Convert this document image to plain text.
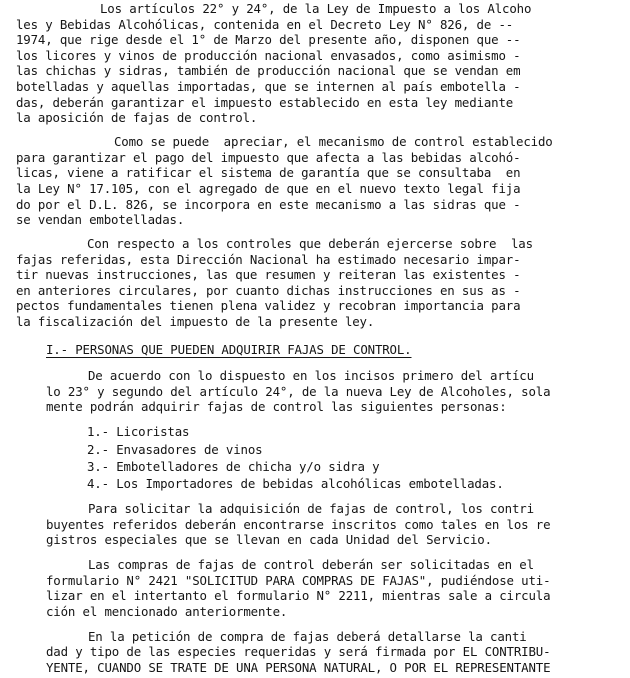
Los artículos 22° y 24°, de la Ley de Impuesto a los Alcoho
les y Bebidas Alcohólicas, contenida en el Decreto Ley N° 826, de --
1974, que rige desde el 1° de Marzo del presente año, disponen que --
los licores y vinos de producción nacional envasados, como asimismo -
las chichas y sidras, también de producción nacional que se vendan em
botelladas y aquellas importadas, que se internen al país embotella -
das, deberán garantizar el impuesto establecido en esta ley mediante
la aposición de fajas de control.
Como se puede  apreciar, el mecanismo de control establecido
para garantizar el pago del impuesto que afecta a las bebidas alcohó-
licas, viene a ratificar el sistema de garantía que se consultaba  en
la Ley N° 17.105, con el agregado de que en el nuevo texto legal fija
do por el D.L. 826, se incorpora en este mecanismo a las sidras que -
se vendan embotelladas.
Con respecto a los controles que deberán ejercerse sobre  las
fajas referidas, esta Dirección Nacional ha estimado necesario impar-
tir nuevas instrucciones, las que resumen y reiteran las existentes -
en anteriores circulares, por cuanto dichas instrucciones en sus as -
pectos fundamentales tienen plena validez y recobran importancia para
la fiscalización del impuesto de la presente ley.
I.- PERSONAS QUE PUEDEN ADQUIRIR FAJAS DE CONTROL.
De acuerdo con lo dispuesto en los incisos primero del artícu
lo 23° y segundo del artículo 24°, de la nueva Ley de Alcoholes, sola
mente podrán adquirir fajas de control las siguientes personas:
1.- Licoristas
2.- Envasadores de vinos
3.- Embotelladores de chicha y/o sidra y
4.- Los Importadores de bebidas alcohólicas embotelladas.
Para solicitar la adquisición de fajas de control, los contri
buyentes referidos deberán encontrarse inscritos como tales en los re
gistros especiales que se llevan en cada Unidad del Servicio.
Las compras de fajas de control deberán ser solicitadas en el
formulario N° 2421 "SOLICITUD PARA COMPRAS DE FAJAS", pudiéndose uti-
lizar en el intertanto el formulario N° 2211, mientras sale a circula
ción el mencionado anteriormente.
En la petición de compra de fajas deberá detallarse la canti
dad y tipo de las especies requeridas y será firmada por EL CONTRIBU-
YENTE, CUANDO SE TRATE DE UNA PERSONA NATURAL, O POR EL REPRESENTANTE
